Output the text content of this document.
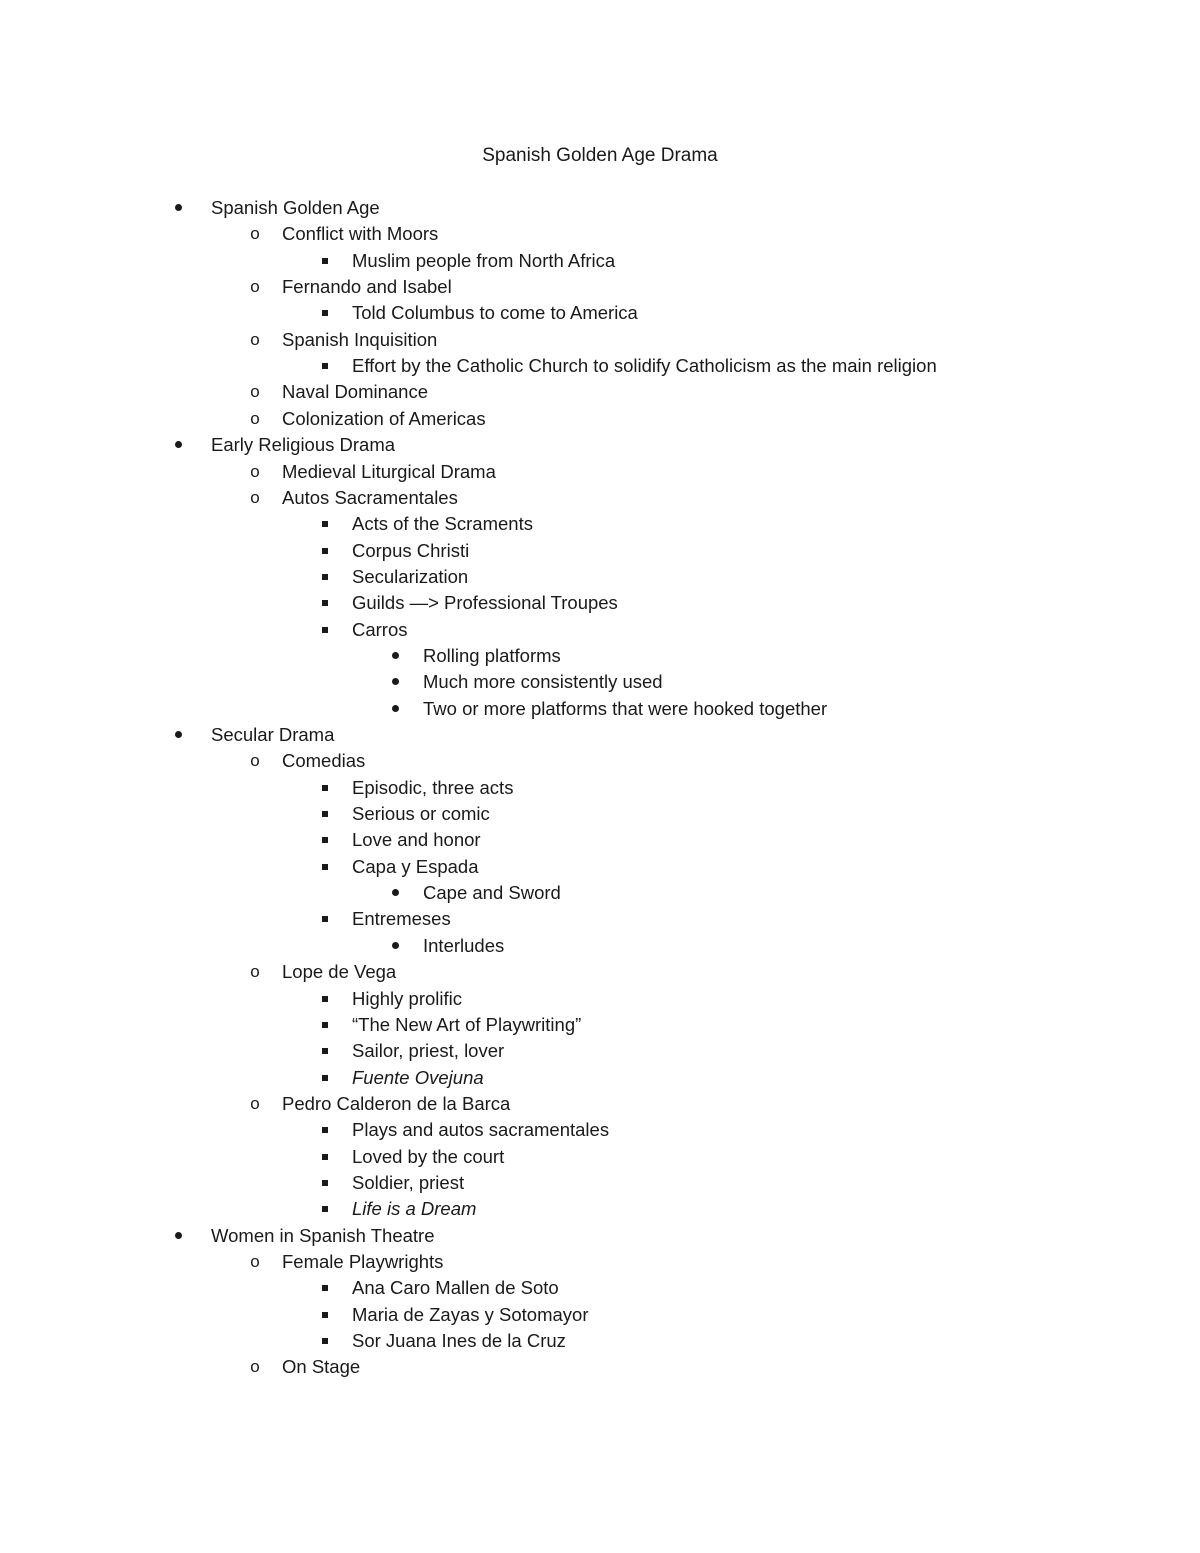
Spanish Golden Age Drama
Spanish Golden Age
o Conflict with Moors
Muslim people from North Africa
o Fernando and Isabel
Told Columbus to come to America
o Spanish Inquisition
Effort by the Catholic Church to solidify Catholicism as the main religion
o Naval Dominance
o Colonization of Americas
Early Religious Drama
o Medieval Liturgical Drama
o Autos Sacramentales
Acts of the Scraments
Corpus Christi
Secularization
Guilds —> Professional Troupes
Carros
Rolling platforms
Much more consistently used
Two or more platforms that were hooked together
Secular Drama
o Comedias
Episodic, three acts
Serious or comic
Love and honor
Capa y Espada
Cape and Sword
Entremeses
Interludes
o Lope de Vega
Highly prolific
“The New Art of Playwriting”
Sailor, priest, lover
Fuente Ovejuna
o Pedro Calderon de la Barca
Plays and autos sacramentales
Loved by the court
Soldier, priest
Life is a Dream
Women in Spanish Theatre
o Female Playwrights
Ana Caro Mallen de Soto
Maria de Zayas y Sotomayor
Sor Juana Ines de la Cruz
o On Stage
